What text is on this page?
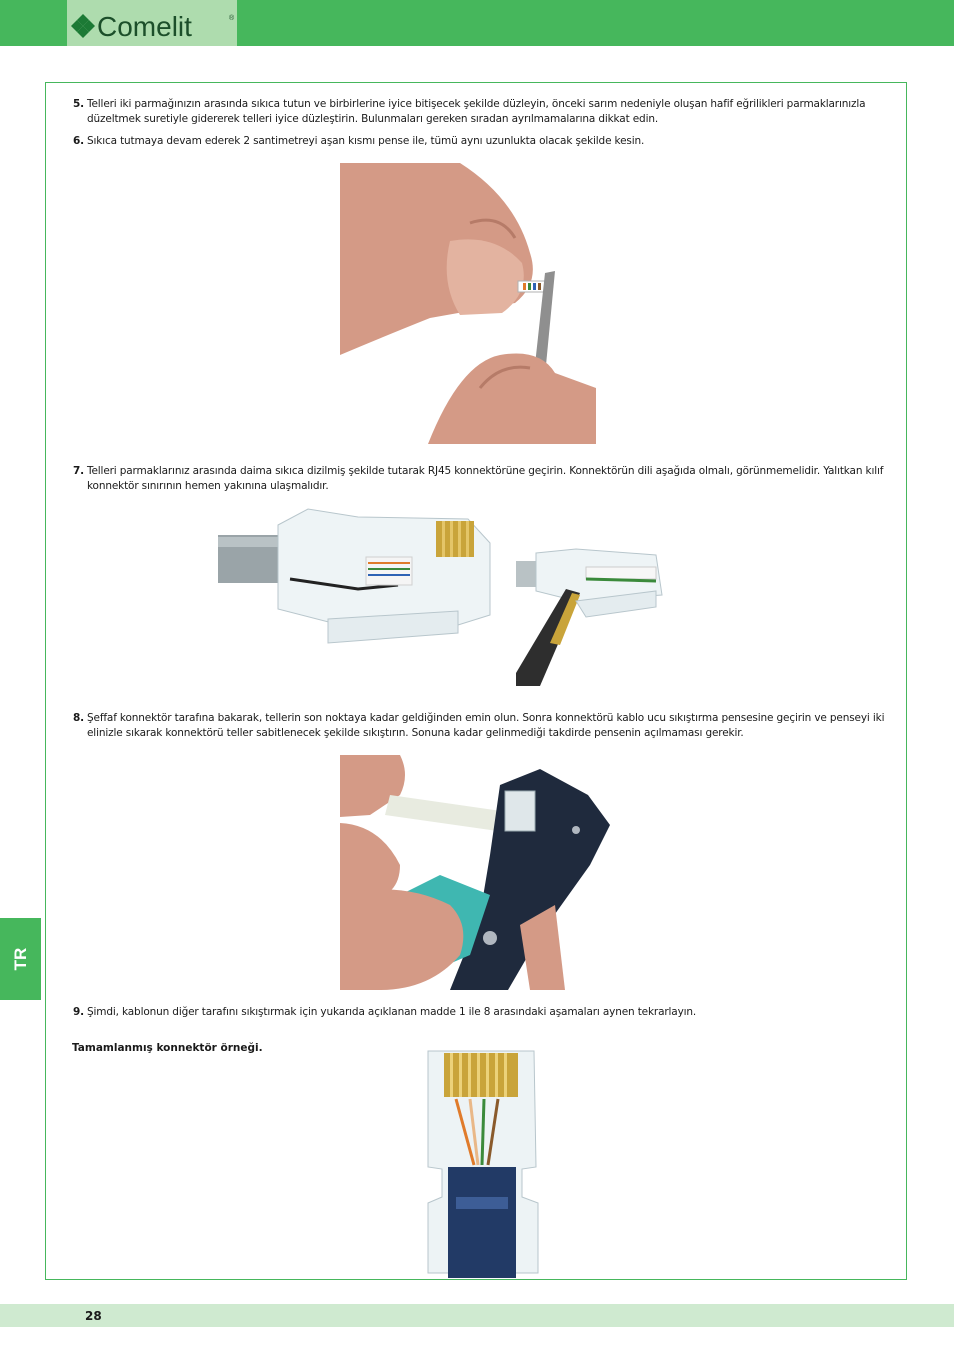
Comelit	®
5. Telleri iki parmağınızın arasında sıkıca tutun ve birbirlerine iyice bitişecek şekilde düzleyin, önceki sarım nedeniyle oluşan hafif eğrilikleri parmaklarınızla düzeltmek suretiyle gidererek telleri iyice düzleştirin. Bulunmaları gereken sıradan ayrılmamalarına dikkat edin.
6. Sıkıca tutmaya devam ederek 2 santimetreyi aşan kısmı pense ile, tümü aynı uzunlukta olacak şekilde kesin.
7. Telleri parmaklarınız arasında daima sıkıca dizilmiş şekilde tutarak RJ45 konnektörüne geçirin. Konnektörün dili aşağıda olmalı, görünmemelidir. Yalıtkan kılıf konnektör sınırının hemen yakınına ulaşmalıdır.
8. Şeffaf konnektör tarafına bakarak, tellerin son noktaya kadar geldiğinden emin olun. Sonra konnektörü kablo ucu sıkıştırma pensesine geçirin ve penseyi iki elinizle sıkarak konnektörü teller sabitlenecek şekilde sıkıştırın. Sonuna kadar gelinmediği takdirde pensenin açılmaması gerekir.
9. Şimdi, kablonun diğer tarafını sıkıştırmak için yukarıda açıklanan madde 1 ile 8 arasındaki aşamaları aynen tekrarlayın.
Tamamlanmış konnektör örneği.
TR
28
